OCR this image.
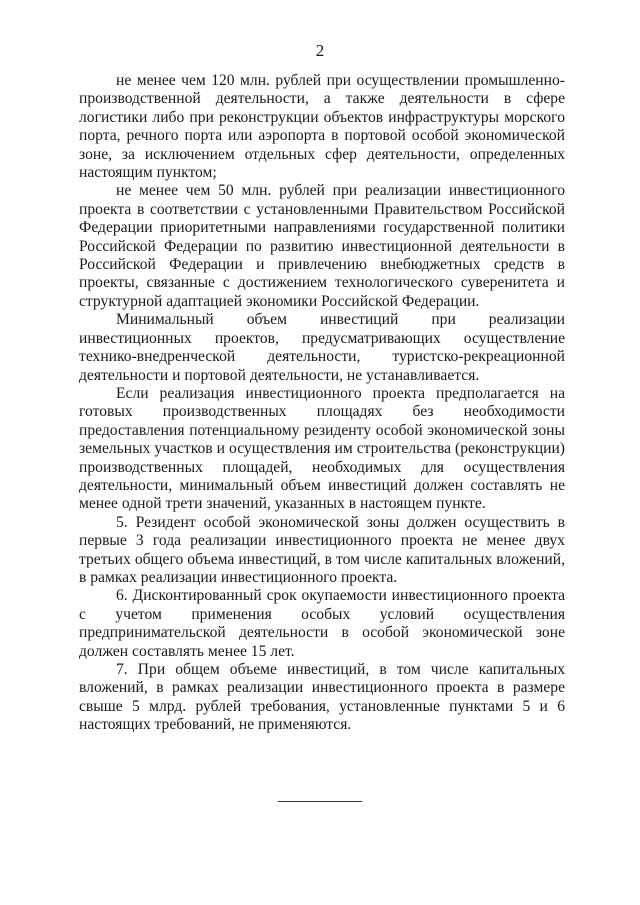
2

не менее чем 120 млн. рублей при осуществлении промышленно-производственной деятельности, а также деятельности в сфере логистики либо при реконструкции объектов инфраструктуры морского порта, речного порта или аэропорта в портовой особой экономической зоне, за исключением отдельных сфер деятельности, определенных настоящим пунктом;

не менее чем 50 млн. рублей при реализации инвестиционного проекта в соответствии с установленными Правительством Российской Федерации приоритетными направлениями государственной политики Российской Федерации по развитию инвестиционной деятельности в Российской Федерации и привлечению внебюджетных средств в проекты, связанные с достижением технологического суверенитета и структурной адаптацией экономики Российской Федерации.

Минимальный объем инвестиций при реализации инвестиционных проектов, предусматривающих осуществление технико-внедренческой деятельности, туристско-рекреационной деятельности и портовой деятельности, не устанавливается.

Если реализация инвестиционного проекта предполагается на готовых производственных площадях без необходимости предоставления потенциальному резиденту особой экономической зоны земельных участков и осуществления им строительства (реконструкции) производственных площадей, необходимых для осуществления деятельности, минимальный объем инвестиций должен составлять не менее одной трети значений, указанных в настоящем пункте.

5. Резидент особой экономической зоны должен осуществить в первые 3 года реализации инвестиционного проекта не менее двух третьих общего объема инвестиций, в том числе капитальных вложений, в рамках реализации инвестиционного проекта.

6. Дисконтированный срок окупаемости инвестиционного проекта с учетом применения особых условий осуществления предпринимательской деятельности в особой экономической зоне должен составлять менее 15 лет.

7. При общем объеме инвестиций, в том числе капитальных вложений, в рамках реализации инвестиционного проекта в размере свыше 5 млрд. рублей требования, установленные пунктами 5 и 6 настоящих требований, не применяются.
